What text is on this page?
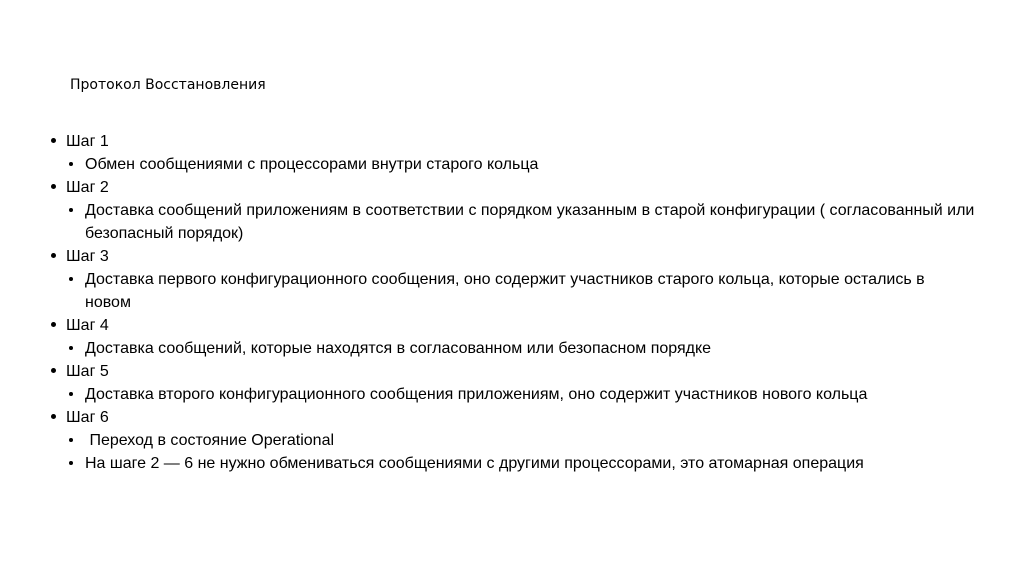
Протокол Восстановления
Шаг 1
Обмен сообщениями с процессорами внутри старого кольца
Шаг 2
Доставка сообщений приложениям в соответствии с порядком указанным в старой конфигурации ( согласованный или безопасный порядок)
Шаг 3
Доставка первого конфигурационного сообщения, оно содержит участников старого кольца, которые остались в новом
Шаг 4
Доставка сообщений, которые находятся в согласованном или безопасном порядке
Шаг 5
Доставка второго конфигурационного сообщения приложениям, оно содержит участников нового кольца
Шаг 6
Переход в состояние Operational
На шаге 2 — 6 не нужно обмениваться сообщениями с другими процессорами, это атомарная операция
